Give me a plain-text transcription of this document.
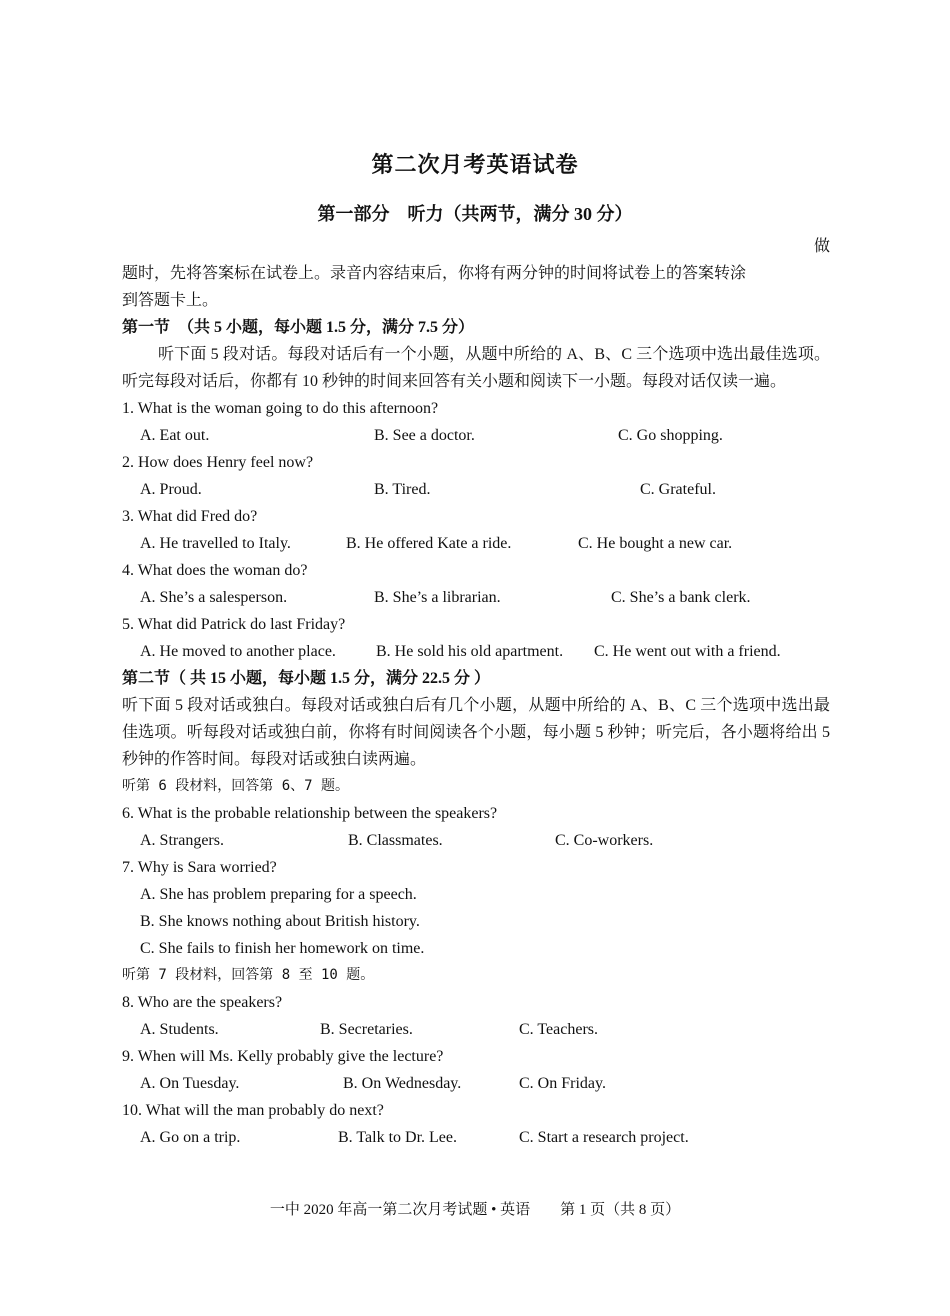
第二次月考英语试卷
第一部分　听力（共两节，满分 30 分）
做
题时，先将答案标在试卷上。录音内容结束后，你将有两分钟的时间将试卷上的答案转涂
到答题卡上。
第一节　（共 5 小题，每小题 1.5 分，满分 7.5 分）
听下面 5 段对话。每段对话后有一个小题，从题中所给的 A、B、C 三个选项中选出最佳选项。听完每段对话后，你都有 10 秒钟的时间来回答有关小题和阅读下一小题。每段对话仅读一遍。
1. What is the woman going to do this afternoon?
A. Eat out.	B. See a doctor.	C. Go shopping.
2. How does Henry feel now?
A. Proud.	B. Tired.	C. Grateful.
3. What did Fred do?
A. He travelled to Italy.	B. He offered Kate a ride.	C. He bought a new car.
4. What does the woman do?
A. She’s a salesperson.	B. She’s a librarian.	C. She’s a bank clerk.
5. What did Patrick do last Friday?
A. He moved to another place.	B. He sold his old apartment. C. He went out with a friend.
第二节（ 共 15 小题，每小题 1.5 分，满分 22.5 分 ）
听下面 5 段对话或独白。每段对话或独白后有几个小题，从题中所给的 A、B、C 三个选项中选出最佳选项。听每段对话或独白前，你将有时间阅读各个小题，每小题 5 秒钟；听完后，各小题将给出 5 秒钟的作答时间。每段对话或独白读两遍。
听第 6 段材料，回答第 6、7 题。
6. What is the probable relationship between the speakers?
A. Strangers.	B. Classmates.	C. Co-workers.
7. Why is Sara worried?
A. She has problem preparing for a speech.
B. She knows nothing about British history.
C. She fails to finish her homework on time.
听第 7 段材料，回答第 8 至 10 题。
8. Who are the speakers?
A. Students.	B. Secretaries.	C. Teachers.
9. When will Ms. Kelly probably give the lecture?
A. On Tuesday.	B. On Wednesday.	C. On Friday.
10. What will the man probably do next?
A. Go on a trip.	B. Talk to Dr. Lee.	C. Start a research project.
一中 2020 年高一第二次月考试题 • 英语　　第 1 页（共 8 页）
